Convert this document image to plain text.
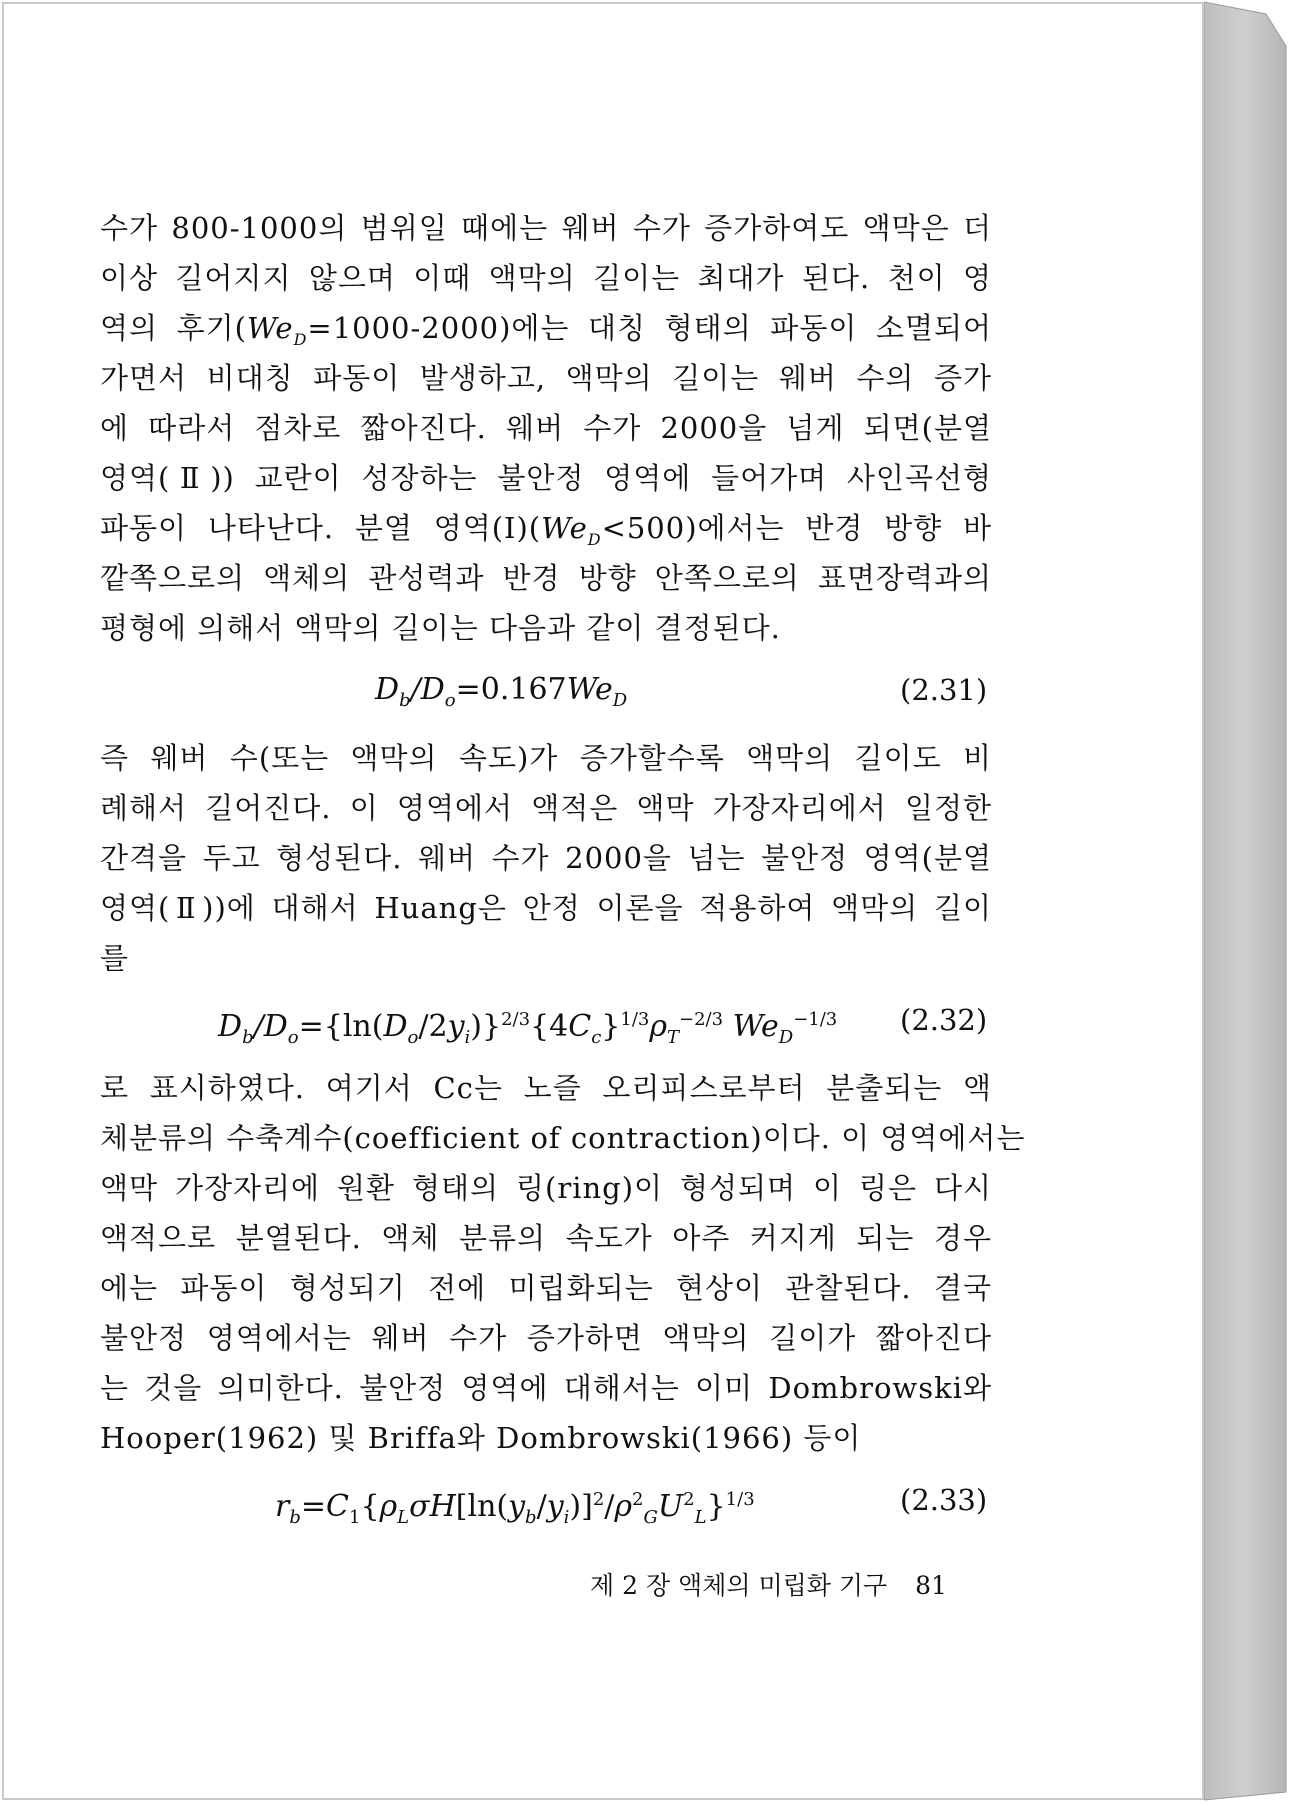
수가 800-1000의 범위일 때에는 웨버 수가 증가하여도 액막은 더
이상 길어지지 않으며 이때 액막의 길이는 최대가 된다. 천이 영
역의 후기$(We_D=1000-2000)$에는 대칭 형태의 파동이 소멸되어
가면서 비대칭 파동이 발생하고, 액막의 길이는 웨버 수의 증가
에 따라서 점차로 짧아진다. 웨버 수가 2000을 넘게 되면(분열
영역(Ⅱ)) 교란이 성장하는 불안정 영역에 들어가며 사인곡선형
파동이 나타난다. 분열 영역$(I)(We_D<500)$에서는 반경 방향 바
깥쪽으로의 액체의 관성력과 반경 방향 안쪽으로의 표면장력과의
평형에 의해서 액막의 길이는 다음과 같이 결정된다.
$D_b/D_o=0.167We_D$	(2.31)
즉 웨버 수(또는 액막의 속도)가 증가할수록 액막의 길이도 비
례해서 길어진다. 이 영역에서 액적은 액막 가장자리에서 일정한
간격을 두고 형성된다. 웨버 수가 2000을 넘는 불안정 영역(분열
영역(Ⅱ))에 대해서 Huang은 안정 이론을 적용하여 액막의 길이
를
$D_b/D_o=\{\ln(D_o/2y_i)\}^{2/3}\{4C_c\}^{1/3}\rho_T^{-2/3}$ $We_D^{-1/3}$ (2.32)
로 표시하였다. 여기서 Cc는 노즐 오리피스로부터 분출되는 액
체분류의 수축계수(coefficient of contraction)이다. 이 영역에서는
액막 가장자리에 원환 형태의 링(ring)이 형성되며 이 링은 다시
액적으로 분열된다. 액체 분류의 속도가 아주 커지게 되는 경우
에는 파동이 형성되기 전에 미립화되는 현상이 관찰된다. 결국
불안정 영역에서는 웨버 수가 증가하면 액막의 길이가 짧아진다
는 것을 의미한다. 불안정 영역에 대해서는 이미 Dombrowski와
Hooper(1962) 및 Briffa와 Dombrowski(1966) 등이
$r_b=C_1\{\rho_L\sigma H[\ln(y_b/y_i)]^2/\rho^2_GU^2_L\}^{1/3}$	(2.33)
제 2 장 액체의 미립화 기구 81
